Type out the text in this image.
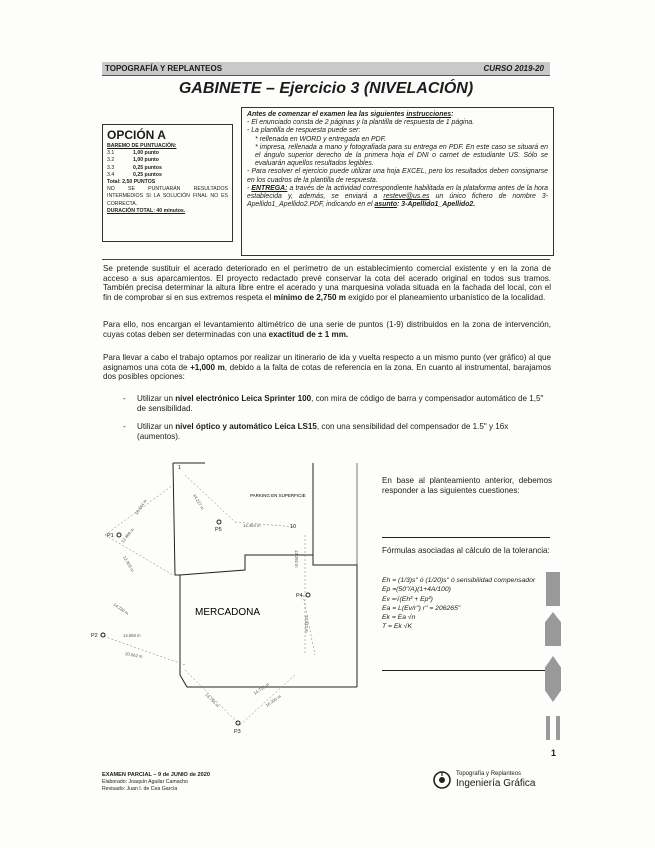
TOPOGRAFÍA Y REPLANTEOS	CURSO 2019-20
GABINETE – Ejercicio 3 (NIVELACIÓN)
OPCIÓN A
BAREMO DE PUNTUACIÓN:
3.1	1,00 punto
3.2	1,00 punto
3.3	0,25 puntos
3.4	0,25 puntos
Total: 2,50 PUNTOS
NO SE PUNTUARÁN RESULTADOS INTERMEDIOS SI LA SOLUCIÓN FINAL NO ES CORRECTA.
DURACIÓN TOTAL: 40 minutos.
Antes de comenzar el examen lea las siguientes instrucciones:
- El enunciado consta de 2 páginas y la plantilla de respuesta de 1 página.
- La plantilla de respuesta puede ser:
* rellenada en WORD y entregada en PDF.
* impresa, rellenada a mano y fotografiada para su entrega en PDF. En este caso se situará en el ángulo superior derecho de la primera hoja el DNI o carnet de estudiante US. Sólo se evaluarán aquellos resultados legibles.
- Para resolver el ejercicio puede utilizar una hoja EXCEL, pero los resultados deben consignarse en los cuadros de la plantilla de respuesta.
- ENTREGA: a través de la actividad correspondiente habilitada en la plataforma antes de la hora establecida y, además, se enviará a resteve@us.es un único fichero de nombre 3-Apellido1_Apellido2.PDF, indicando en el asunto: 3-Apellido1_Apellido2.
Se pretende sustituir el acerado deteriorado en el perímetro de un establecimiento comercial existente y en la zona de acceso a sus aparcamientos. El proyecto redactado prevé conservar la cota del acerado original en todos sus tramos. También precisa determinar la altura libre entre el acerado y una marquesina volada situada en la fachada del local, con el fin de comprobar si en sus extremos respeta el mínimo de 2,750 m exigido por el planeamiento urbanístico de la localidad.
Para ello, nos encargan el levantamiento altimétrico de una serie de puntos (1-9) distribuidos en la zona de intervención, cuyas cotas deben ser determinadas con una exactitud de ± 1 mm.
Para llevar a cabo el trabajo optamos por realizar un itinerario de ida y vuelta respecto a un mismo punto (ver gráfico) al que asignamos una cota de +1,000 m, debido a la falta de cotas de referencia en la zona. En cuanto al instrumental, barajamos dos posibles opciones:
- Utilizar un nivel electrónico Leica Sprinter 100, con mira de código de barra y compensador automático de 1,5" de sensibilidad.
- Utilizar un nivel óptico y automático Leica LS15, con una sensibilidad del compensador de 1.5" y 16x (aumentos).
MERCADONA
PARKING EN SUPERFICIE
P1
P2
P3
P4
P5
1
10
16.684 m	14.227 m
12.869 m
14.464 m
12.909 m
14.230 m
13.260 m
14.558 m
20.062 m
15.933 m
13.795 m
14.718 m
16.203 m
En base al planteamiento anterior, debemos responder a las siguientes cuestiones:
Fórmulas asociadas al cálculo de la tolerancia:
Eh = (1/3)s" ó (1/20)s" ó sensibilidad compensador
Ep =(50"/A)(1+4A/100)
Ev =√(Eh² + Ep²)
Ea = L(Ev/r") r" = 206265"
Ek = Ea √n
T = Ek √K
1
EXAMEN PARCIAL – 9 de JUNIO de 2020
Elaborado: Joaquín Aguilar Camacho
Revisado: Juan I. de Cea García
Topografía y Replanteos
Ingeniería Gráfica
